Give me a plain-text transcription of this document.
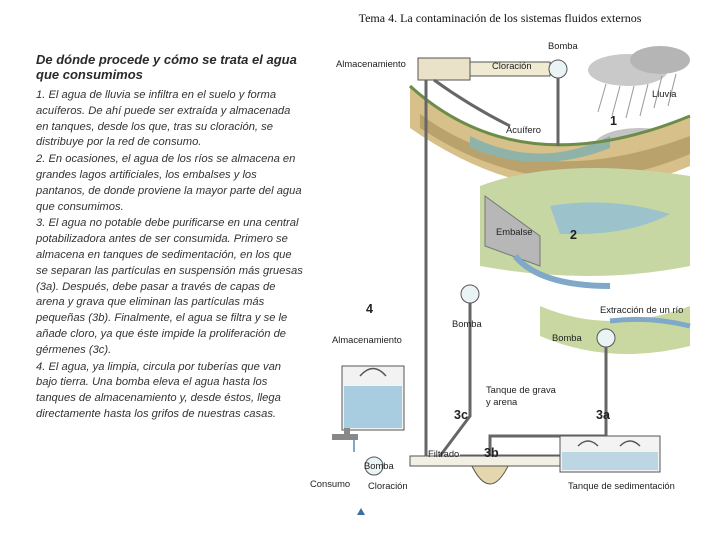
Tema 4. La contaminación de los sistemas fluidos externos
De dónde procede y cómo se trata el agua que consumimos
1. El agua de lluvia se infiltra en el suelo y forma acuíferos. De ahí puede ser extraída y almacenada en tanques, desde los que, tras su cloración, se distribuye por la red de consumo.
2. En ocasiones, el agua de los ríos se almacena en grandes lagos artificiales, los embalses y los pantanos, de donde proviene la mayor parte del agua que consumimos.
3. El agua no potable debe purificarse en una central potabilizadora antes de ser consumida. Primero se almacena en tanques de sedimentación, en los que se separan las partículas en suspensión más gruesas (3a). Después, debe pasar a través de capas de arena y grava que eliminan las partículas más pequeñas (3b). Finalmente, el agua se filtra y se le añade cloro, ya que éste impide la proliferación de gérmenes (3c).
4. El agua, ya limpia, circula por tuberías que van bajo tierra. Una bomba eleva el agua hasta los tanques de almacenamiento y, desde éstos, llega directamente hasta los grifos de nuestras casas.
Bomba
Almacenamiento	Cloración
Lluvia
Acuífero
1
Embalse	2
4
Bomba
Extracción de un río
Bomba
Almacenamiento
Tanque de grava y arena
3c	3a
Filtrado 3b
Bomba
Consumo Cloración	Tanque de sedimentación
